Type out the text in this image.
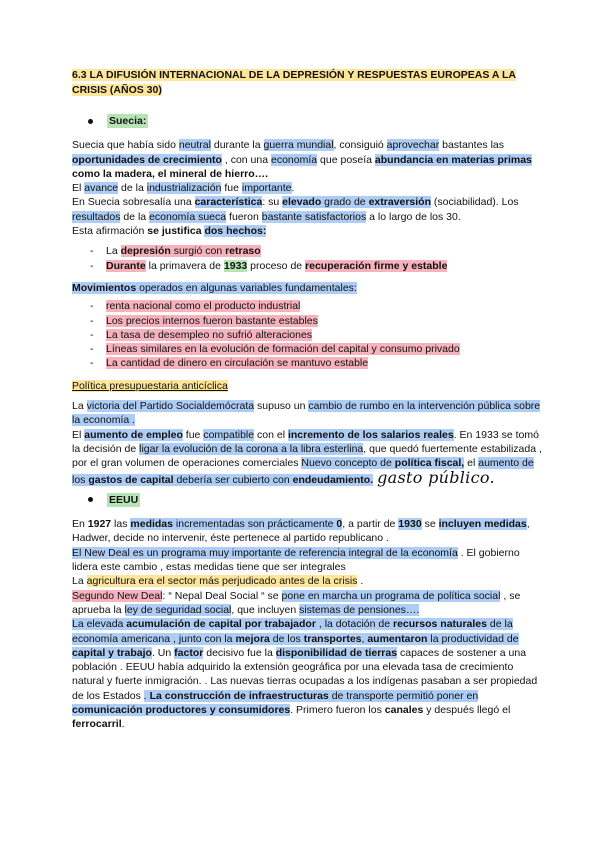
6.3 LA DIFUSIÓN INTERNACIONAL DE LA DEPRESIÓN Y RESPUESTAS EUROPEAS A LA CRISIS (AÑOS 30)
Suecia:

Suecia que había sido neutral durante la guerra mundial, consiguió aprovechar bastantes las oportunidades de crecimiento , con una economía que poseía abundancia en materias primas como la madera, el mineral de hierro….

El avance de la industrialización fue importante.

En Suecia sobresalía una característica: su elevado grado de extraversión (sociabilidad). Los resultados de la economía sueca fueron bastante satisfactorios a lo largo de los 30.

Esta afirmación se justifica dos hechos:

- La depresión surgió con retraso
- Durante la primavera de 1933 proceso de recuperación firme y estable

Movimientos operados en algunas variables fundamentales:

- renta nacional como el producto industrial
- Los precios internos fueron bastante estables
- La tasa de desempleo no sufrió alteraciones
- Líneas similares en la evolución de formación del capital y consumo privado
- La cantidad de dinero en circulación se mantuvo estable

Política presupuestaria anticíclica

La victoria del Partido Socialdemócrata supuso un cambio de rumbo en la intervención pública sobre la economía .

El aumento de empleo fue compatible con el incremento de los salarios reales. En 1933 se tomó la decisión de ligar la evolución de la corona a la libra esterlina, que quedó fuertemente estabilizada , por el gran volumen de operaciones comerciales Nuevo concepto de política fiscal, el aumento de los gastos de capital debería ser cubierto con endeudamiento. gasto público.

EEUU

En 1927 las medidas incrementadas son prácticamente 0, a partir de 1930 se incluyen medidas, Hadwer, decide no intervenir, éste pertenece al partido republicano .

El New Deal es un programa muy importante de referencia integral de la economía . El gobierno lidera este cambio , estas medidas tiene que ser integrales

La agricultura era el sector más perjudicado antes de la crisis .

Segundo New Deal: “ Nepal Deal Social “ se pone en marcha un programa de política social , se aprueba la ley de seguridad social, que incluyen sistemas de pensiones….

La elevada acumulación de capital por trabajador , la dotación de recursos naturales de la economía americana , junto con la mejora de los transportes, aumentaron la productividad de capital y trabajo. Un factor decisivo fue la disponibilidad de tierras capaces de sostener a una población . EEUU había adquirido la extensión geográfica por una elevada tasa de crecimiento natural y fuerte inmigración. . Las nuevas tierras ocupadas a los indígenas pasaban a ser propiedad de los Estados . La construcción de infraestructuras de transporte permitió poner en comunicación productores y consumidores. Primero fueron los canales y después llegó el ferrocarril.
